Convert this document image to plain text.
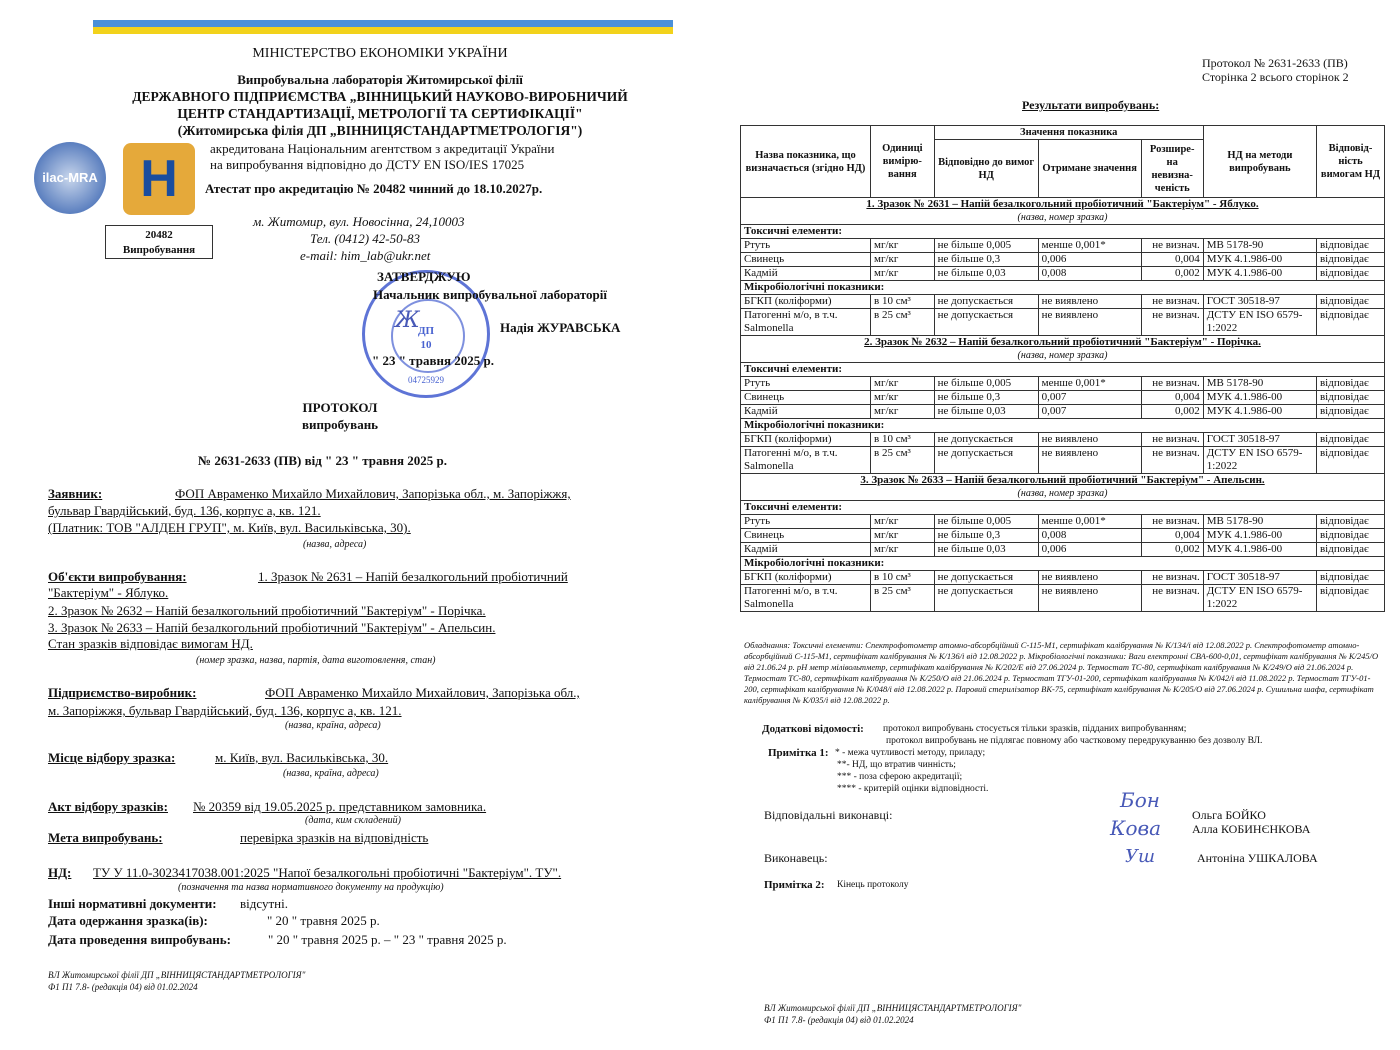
МІНІСТЕРСТВО ЕКОНОМІКИ УКРАЇНИ
Випробувальна лабораторія Житомирської філії
ДЕРЖАВНОГО ПІДПРИЄМСТВА „ВІННИЦЬКИЙ НАУКОВО-ВИРОБНИЧИЙ
ЦЕНТР СТАНДАРТИЗАЦІЇ, МЕТРОЛОГІЇ ТА СЕРТИФІКАЦІЇ"
(Житомирська філія ДП „ВІННИЦЯСТАНДАРТМЕТРОЛОГІЯ")
ilac-MRA Н
акредитована Національним агентством з акредитації України
на випробування відповідно до ДСТУ EN ISO/IES 17025
Атестат про акредитацію № 20482 чинний до 18.10.2027р.
20482
Випробування
м. Житомир, вул. Новосінна, 24,10003
Тел. (0412) 42-50-83
e-mail: him_lab@ukr.net
ДП
10
04725929
ЗАТВЕРДЖУЮ
Начальник випробувальної лабораторії
Надія ЖУРАВСЬКА
Ж
" 23 " травня 2025 р.
ПРОТОКОЛ
випробувань
№ 2631-2633 (ПВ) від " 23 " травня 2025 р.
Заявник:	ФОП Авраменко Михайло Михайлович, Запорізька обл., м. Запоріжжя,
бульвар Гвардійський, буд. 136, корпус а, кв. 121.
(Платник: ТОВ "АЛДЕН ГРУП", м. Київ, вул. Васильківська, 30).
(назва, адреса)
Об'єкти випробування:	1. Зразок № 2631 – Напій безалкогольний пробіотичний
"Бактеріум" - Яблуко.
2. Зразок № 2632 – Напій безалкогольний пробіотичний "Бактеріум" - Порічка.
3. Зразок № 2633 – Напій безалкогольний пробіотичний "Бактеріум" - Апельсин.
Стан зразків відповідає вимогам НД.
(номер зразка, назва, партія, дата виготовлення, стан)
Підприємство-виробник:	ФОП Авраменко Михайло Михайлович, Запорізька обл.,
м. Запоріжжя, бульвар Гвардійський, буд. 136, корпус а, кв. 121.
(назва, країна, адреса)
Місце відбору зразка:	м. Київ, вул. Васильківська, 30.
(назва, країна, адреса)
Акт відбору зразків: № 20359 від 19.05.2025 р. представником замовника.
(дата, ким складений)
Мета випробувань:	перевірка зразків на відповідність
НД: ТУ У 11.0-3023417038.001:2025 "Напої безалкогольні пробіотичні "Бактеріум". ТУ".
(позначення та назва нормативного документу на продукцію)
Інші нормативні документи: відсутні.
Дата одержання зразка(ів):	" 20 " травня 2025 р.
Дата проведення випробувань:	" 20 " травня 2025 р. – " 23 " травня 2025 р.
ВЛ Житомирської філії ДП „ВІННИЦЯСТАНДАРТМЕТРОЛОГІЯ"
Ф1 П1 7.8- (редакція 04) від 01.02.2024
Протокол № 2631-2633 (ПВ)
Сторінка 2 всього сторінок 2
Результати випробувань:
Обладнання: Токсичні елементи: Спектрофотометр атомно-абсорбційний С-115-М1, сертифікат калібрування № К/134/і від 12.08.2022 р. Спектрофотометр атомно-абсорбційний С-115-М1, сертифікат калібрування № К/136/і від 12.08.2022 р. Мікробіологічні показники: Ваги електронні СВА-600-0,01, сертифікат калібрування № К/245/О від 21.06.24 р. рН метр мілівольтметр, сертифікат калібрування № К/202/Е від 27.06.2024 р. Термостат ТС-80, сертифікат калібрування № К/249/О від 21.06.2024 р. Термостат ТС-80, сертифікат калібрування № К/250/О від 21.06.2024 р. Термостат ТГУ-01-200, сертифікат калібрування № К/042/і від 11.08.2022 р. Термостат ТГУ-01-200, сертифікат калібрування № К/048/і від 12.08.2022 р. Паровий стерилізатор ВК-75, сертифікат калібрування № К/205/О від 27.06.2024 р. Сушильна шафа, сертифікат калібрування № К/035/і від 12.08.2022 р.
Додаткові відомості: протокол випробувань стосується тільки зразків, підданих випробуванням;
протокол випробувань не підлягає повному або частковому передрукуванню без дозволу ВЛ.
Примітка 1: * - межа чутливості методу, приладу;
**- НД, що втратив чинність;
*** - поза сферою акредитації;
**** - критерій оцінки відповідності.
Відповідальні виконавці:
Бон
Кова
Ольга БОЙКО
Алла КОБИНЄНКОВА
Виконавець:	Уш	Антоніна УШКАЛОВА
Примітка 2: Кінець протоколу
ВЛ Житомирської філії ДП „ВІННИЦЯСТАНДАРТМЕТРОЛОГІЯ"
Ф1 П1 7.8- (редакція 04) від 01.02.2024
Назва показника, що визначається (згідно НД)	Одиниці вимірю-вання	Значення показника			НД на методи випробувань	Відповід-ність вимогам НД
		Відповідно до вимог НД	Отримане значення	Розшире-на невизна-ченість		
1. Зразок № 2631 – Напій безалкогольний пробіотичний "Бактеріум" - Яблуко.						
(назва, номер зразка)						
Токсичні елементи:						
Ртуть	мг/кг	не більше 0,005	менше 0,001*	не визнач.	МВ 5178-90	відповідає
Свинець	мг/кг	не більше 0,3	0,006	0,004	МУК 4.1.986-00	відповідає
Кадмій	мг/кг	не більше 0,03	0,008	0,002	МУК 4.1.986-00	відповідає
Мікробіологічні показники:						
БГКП (коліформи)	в 10 см³	не допускається	не виявлено	не визнач.	ГОСТ 30518-97	відповідає
Патогенні м/о, в т.ч. Salmonella	в 25 см³	не допускається	не виявлено	не визнач.	ДСТУ EN ISO 6579-1:2022	відповідає
2. Зразок № 2632 – Напій безалкогольний пробіотичний "Бактеріум" - Порічка.						
(назва, номер зразка)						
Токсичні елементи:						
Ртуть	мг/кг	не більше 0,005	менше 0,001*	не визнач.	МВ 5178-90	відповідає
Свинець	мг/кг	не більше 0,3	0,007	0,004	МУК 4.1.986-00	відповідає
Кадмій	мг/кг	не більше 0,03	0,007	0,002	МУК 4.1.986-00	відповідає
Мікробіологічні показники:						
БГКП (коліформи)	в 10 см³	не допускається	не виявлено	не визнач.	ГОСТ 30518-97	відповідає
Патогенні м/о, в т.ч. Salmonella	в 25 см³	не допускається	не виявлено	не визнач.	ДСТУ EN ISO 6579-1:2022	відповідає
3. Зразок № 2633 – Напій безалкогольний пробіотичний "Бактеріум" - Апельсин.						
(назва, номер зразка)						
Токсичні елементи:						
Ртуть	мг/кг	не більше 0,005	менше 0,001*	не визнач.	МВ 5178-90	відповідає
Свинець	мг/кг	не більше 0,3	0,008	0,004	МУК 4.1.986-00	відповідає
Кадмій	мг/кг	не більше 0,03	0,006	0,002	МУК 4.1.986-00	відповідає
Мікробіологічні показники:						
БГКП (коліформи)	в 10 см³	не допускається	не виявлено	не визнач.	ГОСТ 30518-97	відповідає
Патогенні м/о, в т.ч. Salmonella	в 25 см³	не допускається	не виявлено	не визнач.	ДСТУ EN ISO 6579-1:2022	відповідає
